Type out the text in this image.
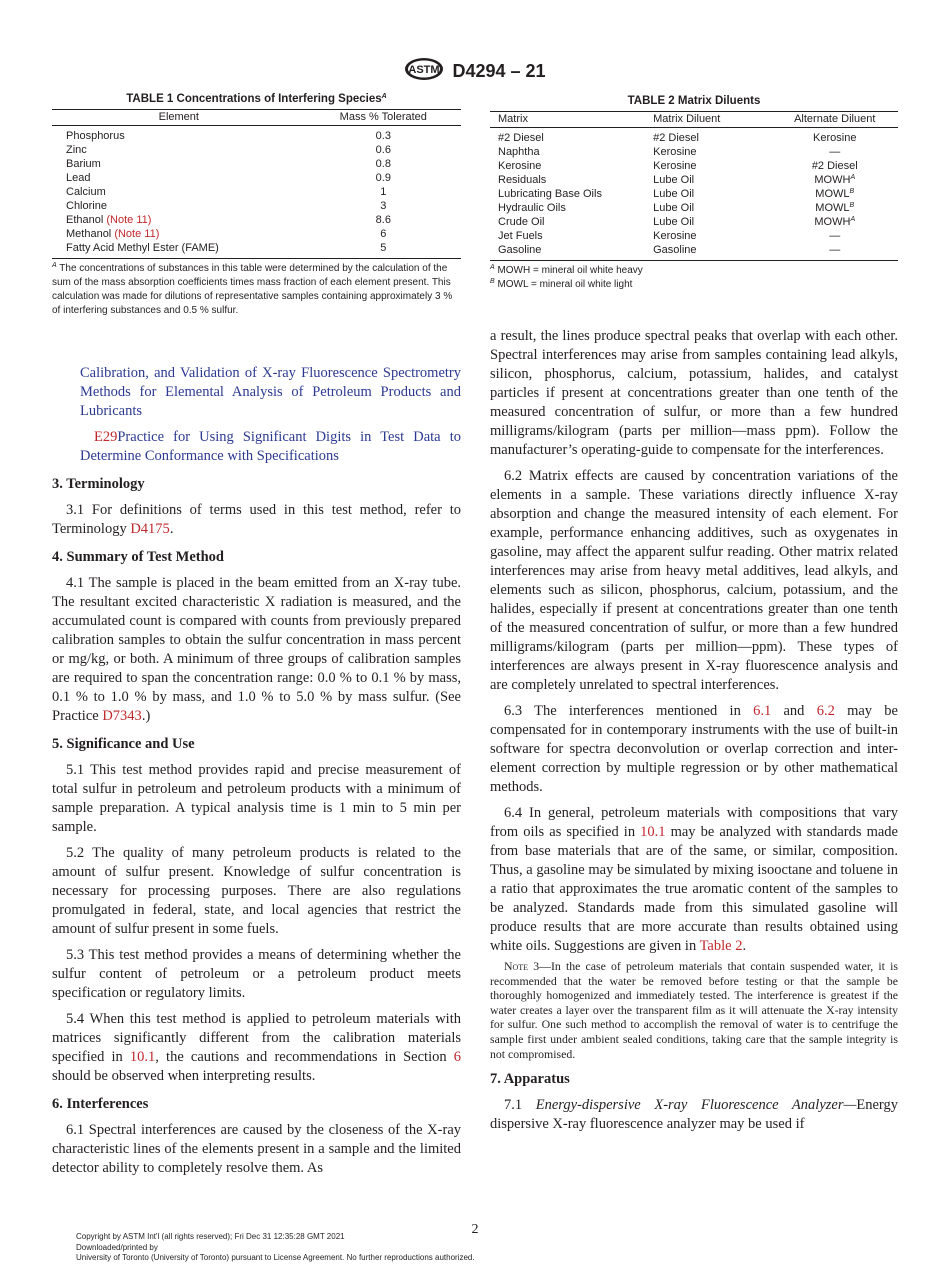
ASTM D4294 – 21
TABLE 1 Concentrations of Interfering Species$^A$
Element	Mass % Tolerated
Phosphorus	0.3
Zinc	0.6
Barium	0.8
Lead	0.9
Calcium	1
Chlorine	3
Ethanol (Note 11)	8.6
Methanol (Note 11)	6
Fatty Acid Methyl Ester (FAME)	5
$^A$ The concentrations of substances in this table were determined by the calculation of the sum of the mass absorption coefficients times mass fraction of each element present. This calculation was made for dilutions of representative samples containing approximately 3 % of interfering substances and 0.5 % sulfur.
TABLE 2 Matrix Diluents
Matrix	Matrix Diluent	Alternate Diluent
#2 Diesel	#2 Diesel	Kerosine
Naphtha	Kerosine	—
Kerosine	Kerosine	#2 Diesel
Residuals	Lube Oil	$MOWH^A$
Lubricating Base Oils	Lube Oil	$MOWL^B$
Hydraulic Oils	Lube Oil	$MOWL^B$
Crude Oil	Lube Oil	$MOWH^A$
Jet Fuels	Kerosine	—
Gasoline	Gasoline	—
$^A$ MOWH = mineral oil white heavy
$^B$ MOWL = mineral oil white light

Calibration, and Validation of X-ray Fluorescence Spectrometry Methods for Elemental Analysis of Petroleum Products and Lubricants

E29Practice for Using Significant Digits in Test Data to Determine Conformance with Specifications

3. Terminology

3.1 For definitions of terms used in this test method, refer to Terminology D4175.

4. Summary of Test Method

4.1 The sample is placed in the beam emitted from an X-ray tube. The resultant excited characteristic X radiation is measured, and the accumulated count is compared with counts from previously prepared calibration samples to obtain the sulfur concentration in mass percent or mg/kg, or both. A minimum of three groups of calibration samples are required to span the concentration range: 0.0 % to 0.1 % by mass, 0.1 % to 1.0 % by mass, and 1.0 % to 5.0 % by mass sulfur. (See Practice D7343.)

5. Significance and Use

5.1 This test method provides rapid and precise measurement of total sulfur in petroleum and petroleum products with a minimum of sample preparation. A typical analysis time is 1 min to 5 min per sample.

5.2 The quality of many petroleum products is related to the amount of sulfur present. Knowledge of sulfur concentration is necessary for processing purposes. There are also regulations promulgated in federal, state, and local agencies that restrict the amount of sulfur present in some fuels.

5.3 This test method provides a means of determining whether the sulfur content of petroleum or a petroleum product meets specification or regulatory limits.

5.4 When this test method is applied to petroleum materials with matrices significantly different from the calibration materials specified in 10.1, the cautions and recommendations in Section 6 should be observed when interpreting results.

6. Interferences

6.1 Spectral interferences are caused by the closeness of the X-ray characteristic lines of the elements present in a sample and the limited detector ability to completely resolve them. As

a result, the lines produce spectral peaks that overlap with each other. Spectral interferences may arise from samples containing lead alkyls, silicon, phosphorus, calcium, potassium, halides, and catalyst particles if present at concentrations greater than one tenth of the measured concentration of sulfur, or more than a few hundred milligrams/kilogram (parts per million—mass ppm). Follow the manufacturer’s operating-guide to compensate for the interferences.

6.2 Matrix effects are caused by concentration variations of the elements in a sample. These variations directly influence X-ray absorption and change the measured intensity of each element. For example, performance enhancing additives, such as oxygenates in gasoline, may affect the apparent sulfur reading. Other matrix related interferences may arise from heavy metal additives, lead alkyls, and elements such as silicon, phosphorus, calcium, potassium, and the halides, especially if present at concentrations greater than one tenth of the measured concentration of sulfur, or more than a few hundred milligrams/kilogram (parts per million—ppm). These types of interferences are always present in X-ray fluorescence analysis and are completely unrelated to spectral interferences.

6.3 The interferences mentioned in 6.1 and 6.2 may be compensated for in contemporary instruments with the use of built-in software for spectra deconvolution or overlap correction and inter-element correction by multiple regression or by other mathematical methods.

6.4 In general, petroleum materials with compositions that vary from oils as specified in 10.1 may be analyzed with standards made from base materials that are of the same, or similar, composition. Thus, a gasoline may be simulated by mixing isooctane and toluene in a ratio that approximates the true aromatic content of the samples to be analyzed. Standards made from this simulated gasoline will produce results that are more accurate than results obtained using white oils. Suggestions are given in Table 2.

Note 3—In the case of petroleum materials that contain suspended water, it is recommended that the water be removed before testing or that the sample be thoroughly homogenized and immediately tested. The interference is greatest if the water creates a layer over the transparent film as it will attenuate the X-ray intensity for sulfur. One such method to accomplish the removal of water is to centrifuge the sample first under ambient sealed conditions, taking care that the sample integrity is not compromised.

7. Apparatus

7.1 Energy-dispersive X-ray Fluorescence Analyzer—Energy dispersive X-ray fluorescence analyzer may be used if

2
Copyright by ASTM Int'l (all rights reserved); Fri Dec 31 12:35:28 GMT 2021
Downloaded/printed by
University of Toronto (University of Toronto) pursuant to License Agreement. No further reproductions authorized.
